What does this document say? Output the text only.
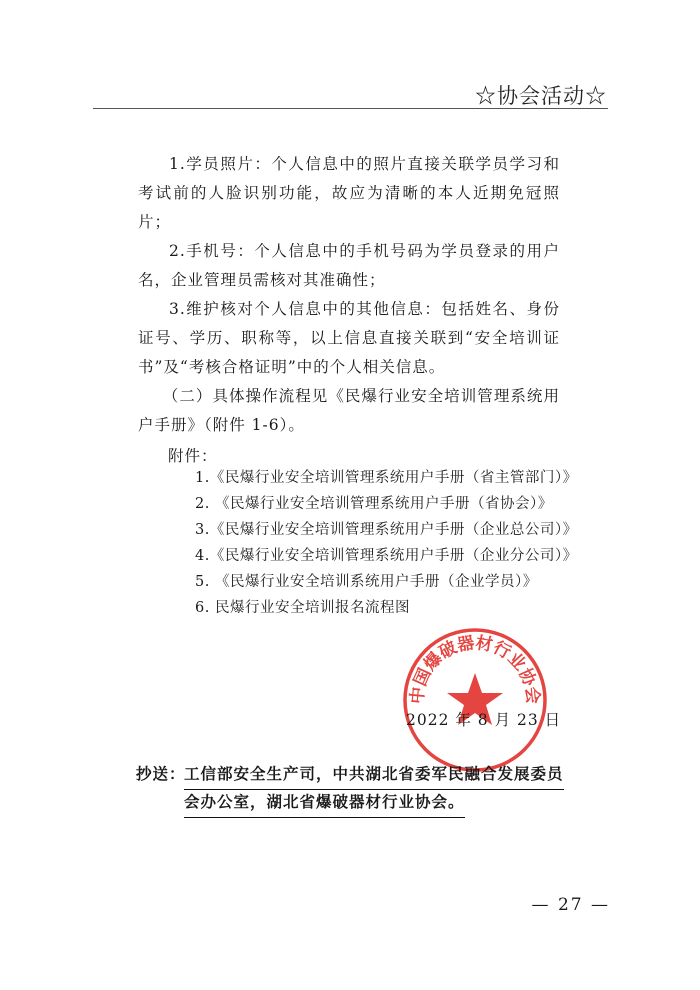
☆协会活动☆

1.学员照片：个人信息中的照片直接关联学员学习和考试前的人脸识别功能，故应为清晰的本人近期免冠照片；

2.手机号：个人信息中的手机号码为学员登录的用户名，企业管理员需核对其准确性；

3.维护核对个人信息中的其他信息：包括姓名、身份证号、学历、职称等，以上信息直接关联到“安全培训证书”及“考核合格证明”中的个人相关信息。

（二）具体操作流程见《民爆行业安全培训管理系统用户手册》（附件 1-6）。

附件：
1.《民爆行业安全培训管理系统用户手册（省主管部门）》
2. 《民爆行业安全培训管理系统用户手册（省协会）》
3.《民爆行业安全培训管理系统用户手册（企业总公司）》
4.《民爆行业安全培训管理系统用户手册（企业分公司）》
5. 《民爆行业安全培训系统用户手册（企业学员）》
6. 民爆行业安全培训报名流程图
中国爆破器材行业协会
2022 年 8 月 23 日
抄送：
工信部安全生产司，中共湖北省委军民融合发展委员
会办公室，湖北省爆破器材行业协会。
— 27 —
